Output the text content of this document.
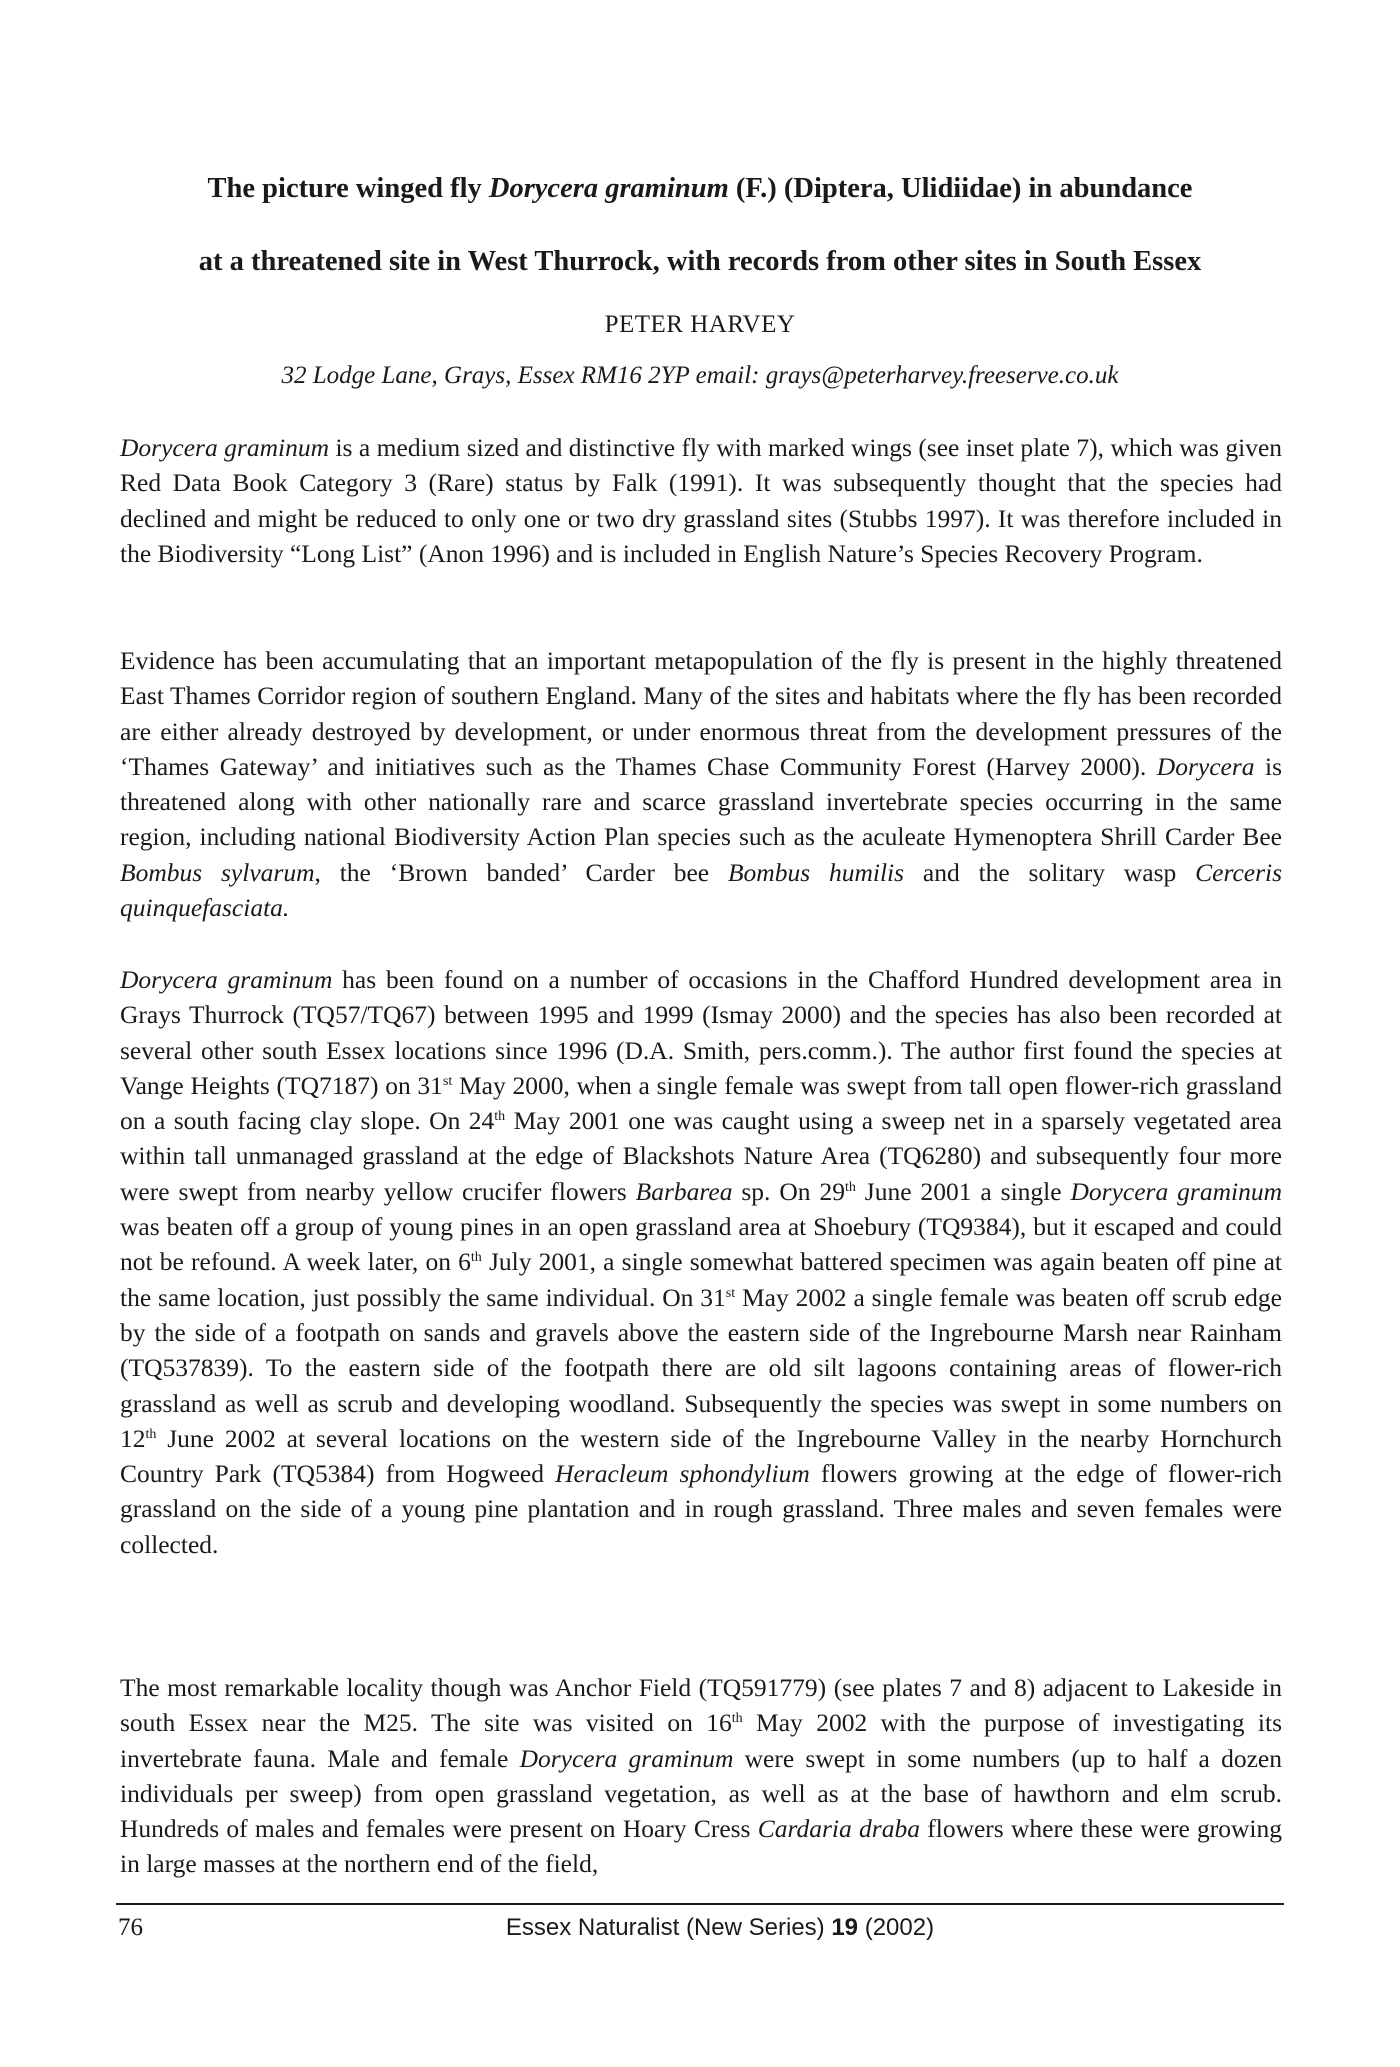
The picture winged fly Dorycera graminum (F.) (Diptera, Ulidiidae) in abundance
at a threatened site in West Thurrock, with records from other sites in South Essex
PETER HARVEY
32 Lodge Lane, Grays, Essex RM16 2YP email: grays@peterharvey.freeserve.co.uk

Dorycera graminum is a medium sized and distinctive fly with marked wings (see inset plate 7), which was given Red Data Book Category 3 (Rare) status by Falk (1991). It was subsequently thought that the species had declined and might be reduced to only one or two dry grassland sites (Stubbs 1997). It was therefore included in the Biodiversity “Long List” (Anon 1996) and is included in English Nature’s Species Recovery Program.

Evidence has been accumulating that an important metapopulation of the fly is present in the highly threatened East Thames Corridor region of southern England. Many of the sites and habitats where the fly has been recorded are either already destroyed by development, or under enormous threat from the development pressures of the ‘Thames Gateway’ and initiatives such as the Thames Chase Community Forest (Harvey 2000). Dorycera is threatened along with other nationally rare and scarce grassland invertebrate species occurring in the same region, including national Biodiversity Action Plan species such as the aculeate Hymenoptera Shrill Carder Bee Bombus sylvarum, the ‘Brown banded’ Carder bee Bombus humilis and the solitary wasp Cerceris quinquefasciata.

Dorycera graminum has been found on a number of occasions in the Chafford Hundred development area in Grays Thurrock (TQ57/TQ67) between 1995 and 1999 (Ismay 2000) and the species has also been recorded at several other south Essex locations since 1996 (D.A. Smith, pers.comm.). The author first found the species at Vange Heights (TQ7187) on 31st May 2000, when a single female was swept from tall open flower-rich grassland on a south facing clay slope. On 24th May 2001 one was caught using a sweep net in a sparsely vegetated area within tall unmanaged grassland at the edge of Blackshots Nature Area (TQ6280) and subsequently four more were swept from nearby yellow crucifer flowers Barbarea sp. On 29th June 2001 a single Dorycera graminum was beaten off a group of young pines in an open grassland area at Shoebury (TQ9384), but it escaped and could not be refound. A week later, on 6th July 2001, a single somewhat battered specimen was again beaten off pine at the same location, just possibly the same individual. On 31st May 2002 a single female was beaten off scrub edge by the side of a footpath on sands and gravels above the eastern side of the Ingrebourne Marsh near Rainham (TQ537839). To the eastern side of the footpath there are old silt lagoons containing areas of flower-rich grassland as well as scrub and developing woodland. Subsequently the species was swept in some numbers on 12th June 2002 at several locations on the western side of the Ingrebourne Valley in the nearby Hornchurch Country Park (TQ5384) from Hogweed Heracleum sphondylium flowers growing at the edge of flower-rich grassland on the side of a young pine plantation and in rough grassland. Three males and seven females were collected.

The most remarkable locality though was Anchor Field (TQ591779) (see plates 7 and 8) adjacent to Lakeside in south Essex near the M25. The site was visited on 16th May 2002 with the purpose of investigating its invertebrate fauna. Male and female Dorycera graminum were swept in some numbers (up to half a dozen individuals per sweep) from open grassland vegetation, as well as at the base of hawthorn and elm scrub. Hundreds of males and females were present on Hoary Cress Cardaria draba flowers where these were growing in large masses at the northern end of the field,

76	Essex Naturalist (New Series) 19 (2002)
